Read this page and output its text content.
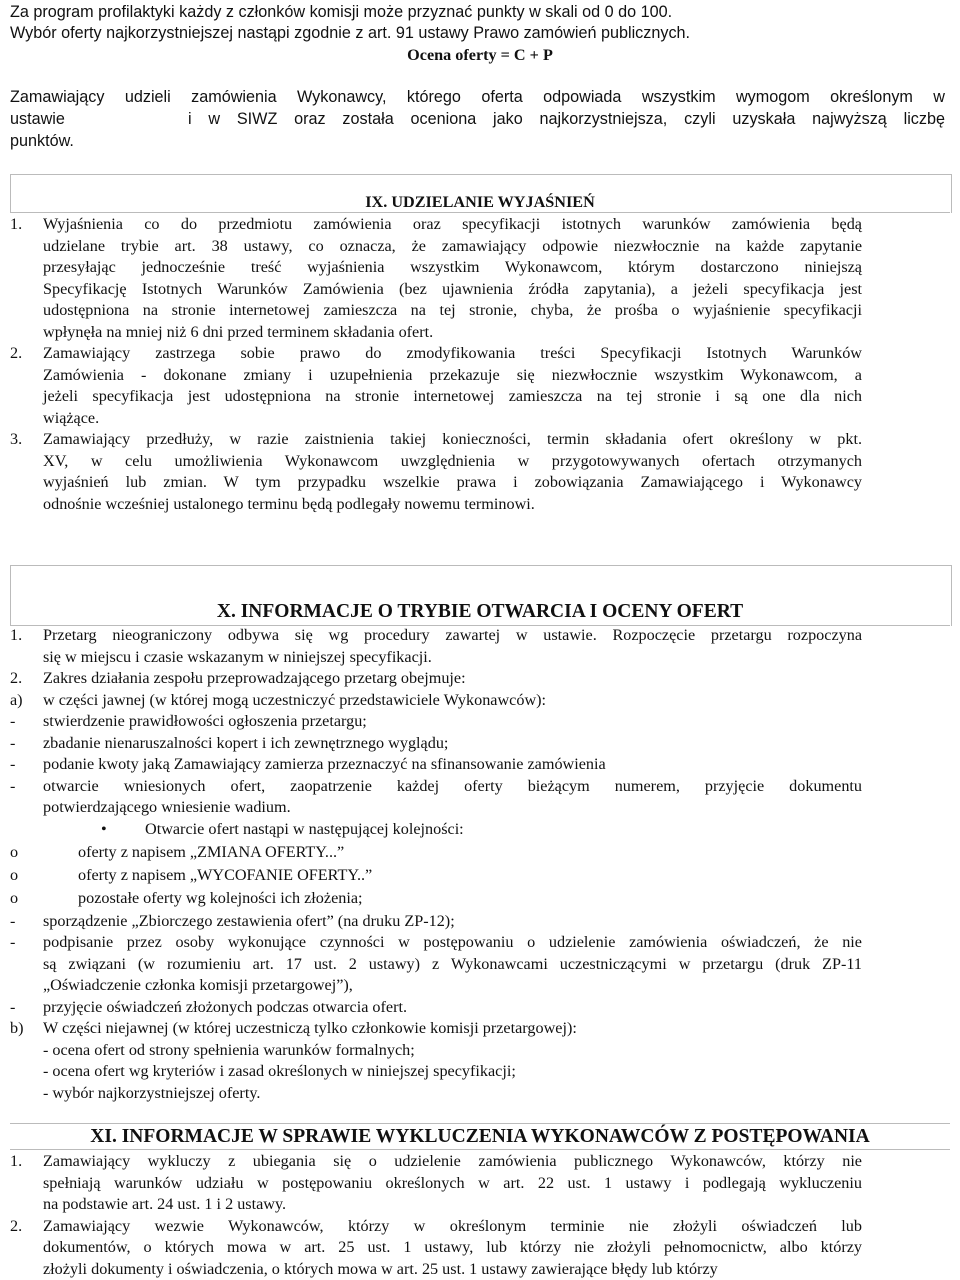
Za program profilaktyki każdy z członków komisji może przyznać punkty w skali od 0 do 100.
Wybór oferty najkorzystniejszej nastąpi zgodnie z art. 91 ustawy Prawo zamówień publicznych.
Ocena oferty = C + P
Zamawiający udzieli zamówienia Wykonawcy, którego oferta odpowiada wszystkim wymogom określonym w
ustawie	i w SIWZ oraz została oceniona jako najkorzystniejsza, czyli uzyskała najwyższą liczbę
punktów.
IX. UDZIELANIE WYJAŚNIEŃ
1. Wyjaśnienia co do przedmiotu zamówienia oraz specyfikacji istotnych warunków zamówienia będą
udzielane trybie art. 38 ustawy, co oznacza, że zamawiający odpowie niezwłocznie na każde zapytanie
przesyłając jednocześnie treść wyjaśnienia wszystkim Wykonawcom, którym dostarczono niniejszą
Specyfikację Istotnych Warunków Zamówienia (bez ujawnienia źródła zapytania), a jeżeli specyfikacja jest
udostępniona na stronie internetowej zamieszcza na tej stronie, chyba, że prośba o wyjaśnienie specyfikacji
wpłynęła na mniej niż 6 dni przed terminem składania ofert.
2. Zamawiający zastrzega sobie prawo do zmodyfikowania treści Specyfikacji Istotnych Warunków
Zamówienia - dokonane zmiany i uzupełnienia przekazuje się niezwłocznie wszystkim Wykonawcom, a
jeżeli specyfikacja jest udostępniona na stronie internetowej zamieszcza na tej stronie i są one dla nich
wiążące.
3. Zamawiający przedłuży, w razie zaistnienia takiej konieczności, termin składania ofert określony w pkt.
XV, w celu umożliwienia Wykonawcom uwzględnienia w przygotowywanych ofertach otrzymanych
wyjaśnień lub zmian. W tym przypadku wszelkie prawa i zobowiązania Zamawiającego i Wykonawcy
odnośnie wcześniej ustalonego terminu będą podlegały nowemu terminowi.
X. INFORMACJE O TRYBIE OTWARCIA I OCENY OFERT
1. Przetarg nieograniczony odbywa się wg procedury zawartej w ustawie. Rozpoczęcie przetargu rozpoczyna
się w miejscu i czasie wskazanym w niniejszej specyfikacji.
2. Zakres działania zespołu przeprowadzającego przetarg obejmuje:
a) w części jawnej (w której mogą uczestniczyć przedstawiciele Wykonawców):
- stwierdzenie prawidłowości ogłoszenia przetargu;
- zbadanie nienaruszalności kopert i ich zewnętrznego wyglądu;
- podanie kwoty jaką Zamawiający zamierza przeznaczyć na sfinansowanie zamówienia
- otwarcie wniesionych ofert, zaopatrzenie każdej oferty bieżącym numerem, przyjęcie dokumentu
potwierdzającego wniesienie wadium.
• Otwarcie ofert nastąpi w następującej kolejności:
o	oferty z napisem „ZMIANA OFERTY...”
o	oferty z napisem „WYCOFANIE OFERTY..”
o	pozostałe oferty wg kolejności ich złożenia;
- sporządzenie „Zbiorczego zestawienia ofert” (na druku ZP-12);
- podpisanie przez osoby wykonujące czynności w postępowaniu o udzielenie zamówienia oświadczeń, że nie
są związani (w rozumieniu art. 17 ust. 2 ustawy) z Wykonawcami uczestniczącymi w przetargu (druk ZP-11
„Oświadczenie członka komisji przetargowej”),
- przyjęcie oświadczeń złożonych podczas otwarcia ofert.
b) W części niejawnej (w której uczestniczą tylko członkowie komisji przetargowej):
- ocena ofert od strony spełnienia warunków formalnych;
- ocena ofert wg kryteriów i zasad określonych w niniejszej specyfikacji;
- wybór najkorzystniejszej oferty.
XI. INFORMACJE W SPRAWIE WYKLUCZENIA WYKONAWCÓW Z POSTĘPOWANIA
1. Zamawiający wykluczy z ubiegania się o udzielenie zamówienia publicznego Wykonawców, którzy nie
spełniają warunków udziału w postępowaniu określonych w art. 22 ust. 1 ustawy i podlegają wykluczeniu
na podstawie art. 24 ust. 1 i 2 ustawy.
2. Zamawiający wezwie Wykonawców, którzy w określonym terminie nie złożyli oświadczeń lub
dokumentów, o których mowa w art. 25 ust. 1 ustawy, lub którzy nie złożyli pełnomocnictw, albo którzy
złożyli dokumenty i oświadczenia, o których mowa w art. 25 ust. 1 ustawy zawierające błędy lub którzy
